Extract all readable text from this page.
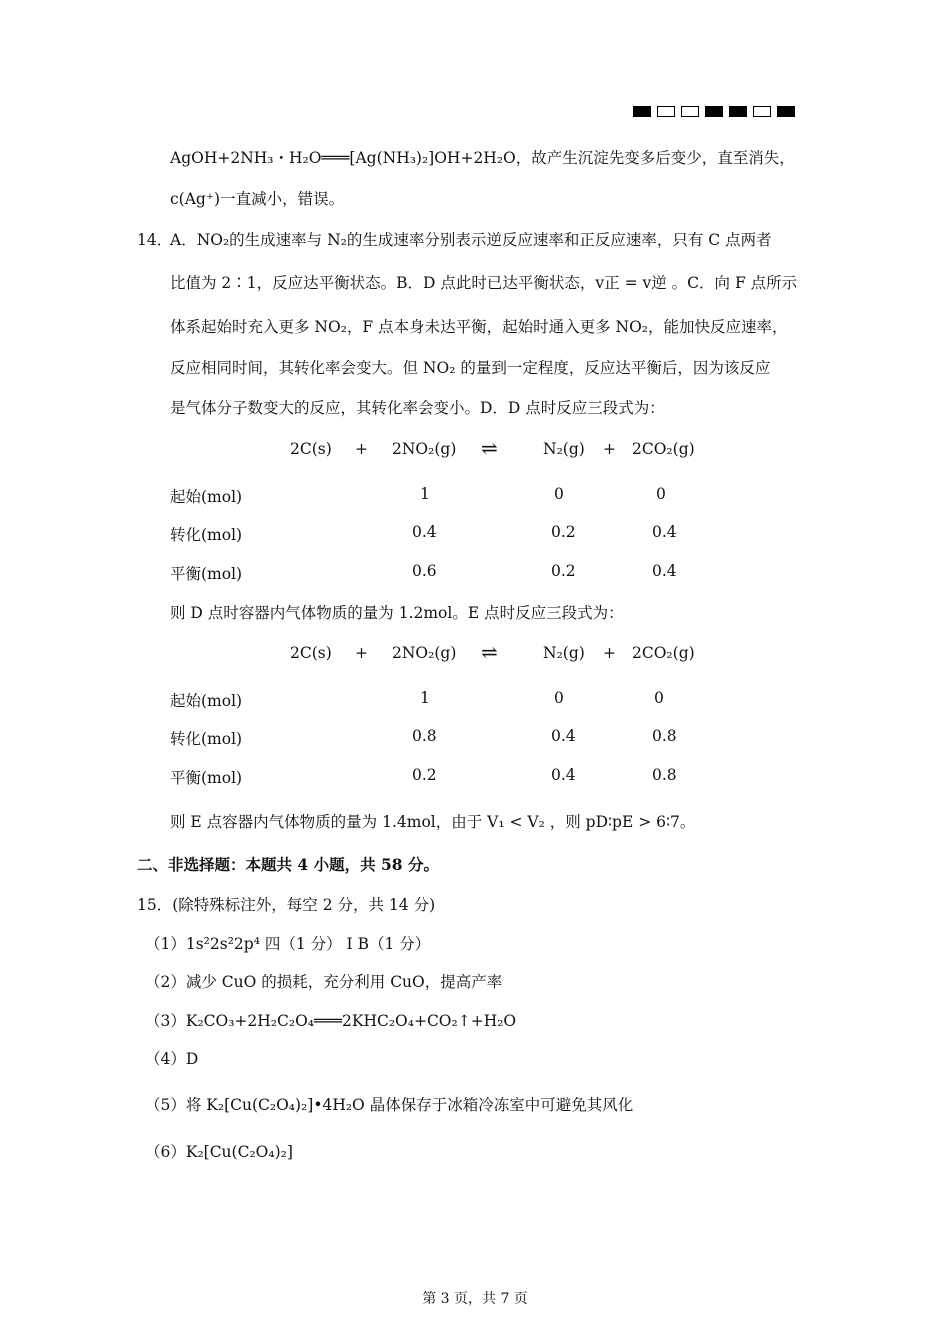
AgOH+2NH₃・H₂O═══[Ag(NH₃)₂]OH+2H₂O，故产生沉淀先变多后变少，直至消失，
c(Ag⁺)一直减小，错误。
14．
A．NO₂的生成速率与 N₂的生成速率分别表示逆反应速率和正反应速率，只有 C 点两者
比值为 2∶1，反应达平衡状态。B．D 点此时已达平衡状态，v正 = v逆 。C．向 F 点所示
体系起始时充入更多 NO₂，F 点本身未达平衡，起始时通入更多 NO₂，能加快反应速率，
反应相同时间，其转化率会变大。但 NO₂ 的量到一定程度，反应达平衡后，因为该反应
是气体分子数变大的反应，其转化率会变小。D．D 点时反应三段式为：
2C(s) + 2NO₂(g) ⇌	N₂(g) + 2CO₂(g)
起始(mol)	1	0	0
转化(mol)	0.4	0.2	0.4
平衡(mol)	0.6	0.2	0.4
则 D 点时容器内气体物质的量为 1.2mol。E 点时反应三段式为：
2C(s) + 2NO₂(g) ⇌	N₂(g) + 2CO₂(g)
起始(mol)	1	0	0
转化(mol)	0.8	0.4	0.8
平衡(mol)	0.2	0.4	0.8
则 E 点容器内气体物质的量为 1.4mol，由于 V₁ < V₂ ，则 pD∶pE > 6∶7。
二、非选择题：本题共 4 小题，共 58 分。
15．(除特殊标注外，每空 2 分，共 14 分)
（1）1s²2s²2p⁴ 四（1 分） Ⅰ B（1 分）
（2）减少 CuO 的损耗，充分利用 CuO，提高产率
（3）K₂CO₃+2H₂C₂O₄═══2KHC₂O₄+CO₂↑+H₂O
（4）D
（5）将 K₂[Cu(C₂O₄)₂]•4H₂O 晶体保存于冰箱冷冻室中可避免其风化
（6）K₂[Cu(C₂O₄)₂]
第 3 页，共 7 页
